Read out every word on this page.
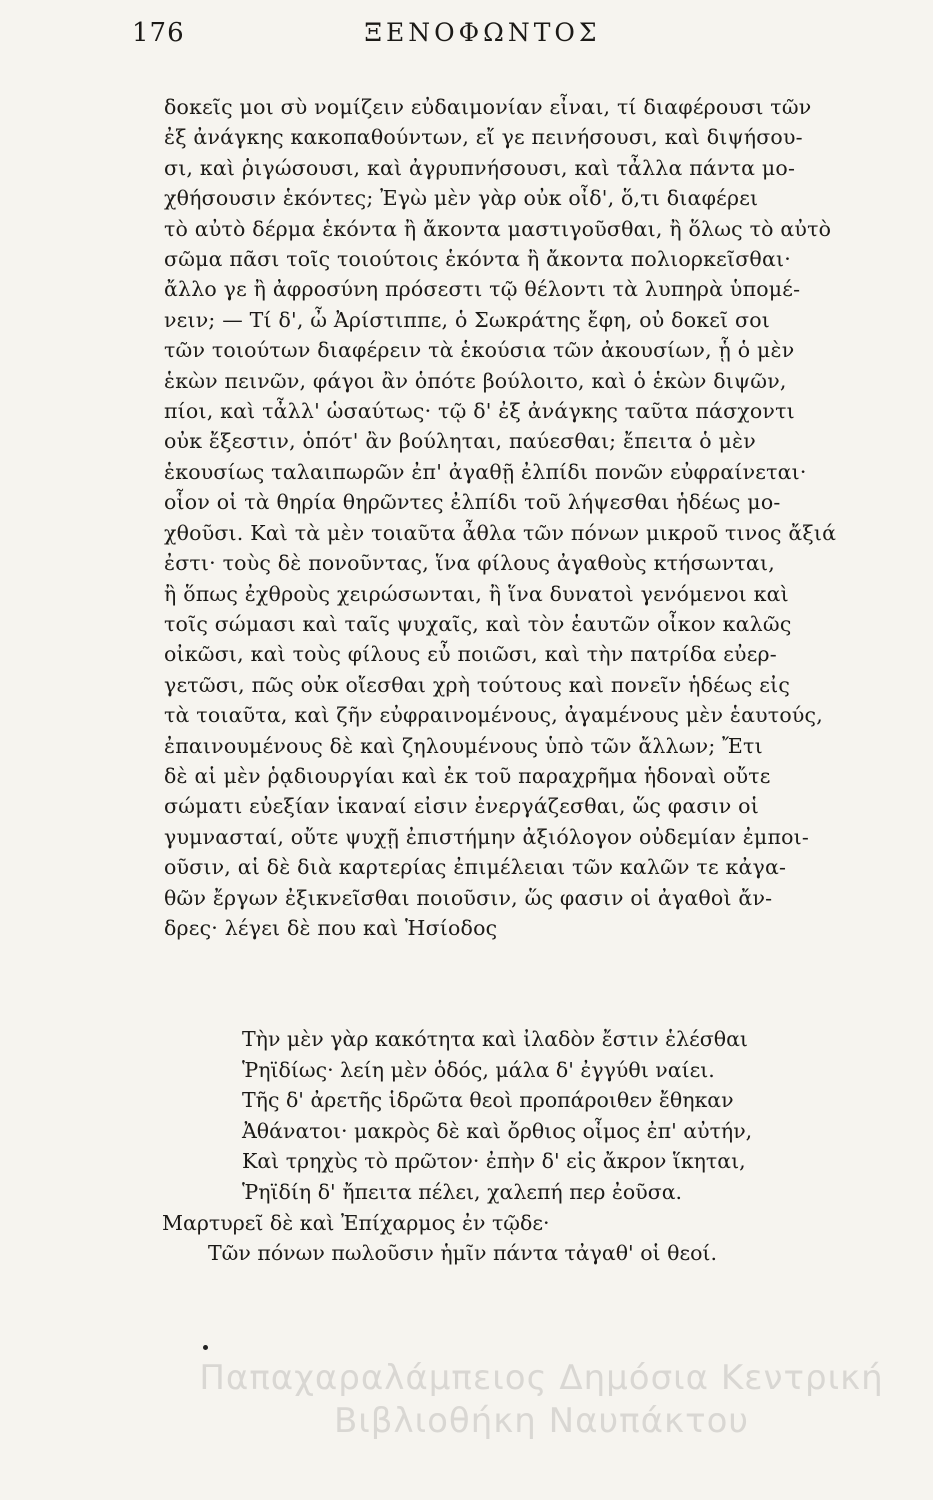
176	ΞΕΝΟΦΩΝΤΟΣ
δοκεῖς μοι σὺ νομίζειν εὐδαιμονίαν εἶναι, τί διαφέρουσι τῶν
ἐξ ἀνάγκης κακοπαθούντων, εἴ γε πεινήσουσι, καὶ διψήσου-
σι, καὶ ῥιγώσουσι, καὶ ἀγρυπνήσουσι, καὶ τἆλλα πάντα μο-
χθήσουσιν ἑκόντες; Ἐγὼ μὲν γὰρ οὐκ οἶδ', ὅ,τι διαφέρει
τὸ αὐτὸ δέρμα ἑκόντα ἢ ἄκοντα μαστιγοῦσθαι, ἢ ὅλως τὸ αὐτὸ
σῶμα πᾶσι τοῖς τοιούτοις ἑκόντα ἢ ἄκοντα πολιορκεῖσθαι·
ἄλλο γε ἢ ἀφροσύνη πρόσεστι τῷ θέλοντι τὰ λυπηρὰ ὑπομέ-
νειν; — Τί δ', ὦ Ἀρίστιππε, ὁ Σωκράτης ἔφη, οὐ δοκεῖ σοι
τῶν τοιούτων διαφέρειν τὰ ἑκούσια τῶν ἀκουσίων, ᾗ ὁ μὲν
ἑκὼν πεινῶν, φάγοι ἂν ὁπότε βούλοιτο, καὶ ὁ ἑκὼν διψῶν,
πίοι, καὶ τἆλλ' ὡσαύτως· τῷ δ' ἐξ ἀνάγκης ταῦτα πάσχοντι
οὐκ ἔξεστιν, ὁπότ' ἂν βούληται, παύεσθαι; ἔπειτα ὁ μὲν
ἑκουσίως ταλαιπωρῶν ἐπ' ἀγαθῇ ἐλπίδι πονῶν εὐφραίνεται·
οἷον οἱ τὰ θηρία θηρῶντες ἐλπίδι τοῦ λήψεσθαι ἡδέως μο-
χθοῦσι. Καὶ τὰ μὲν τοιαῦτα ἆθλα τῶν πόνων μικροῦ τινος ἄξιά
ἐστι· τοὺς δὲ πονοῦντας, ἵνα φίλους ἀγαθοὺς κτήσωνται,
ἢ ὅπως ἐχθροὺς χειρώσωνται, ἢ ἵνα δυνατοὶ γενόμενοι καὶ
τοῖς σώμασι καὶ ταῖς ψυχαῖς, καὶ τὸν ἑαυτῶν οἶκον καλῶς
οἰκῶσι, καὶ τοὺς φίλους εὖ ποιῶσι, καὶ τὴν πατρίδα εὐερ-
γετῶσι, πῶς οὐκ οἴεσθαι χρὴ τούτους καὶ πονεῖν ἡδέως εἰς
τὰ τοιαῦτα, καὶ ζῆν εὐφραινομένους, ἀγαμένους μὲν ἑαυτούς,
ἐπαινουμένους δὲ καὶ ζηλουμένους ὑπὸ τῶν ἄλλων; Ἔτι
δὲ αἱ μὲν ῥᾳδιουργίαι καὶ ἐκ τοῦ παραχρῆμα ἡδοναὶ οὔτε
σώματι εὐεξίαν ἱκαναί εἰσιν ἐνεργάζεσθαι, ὥς φασιν οἱ
γυμνασταί, οὔτε ψυχῇ ἐπιστήμην ἀξιόλογον οὐδεμίαν ἐμποι-
οῦσιν, αἱ δὲ διὰ καρτερίας ἐπιμέλειαι τῶν καλῶν τε κἀγα-
θῶν ἔργων ἐξικνεῖσθαι ποιοῦσιν, ὥς φασιν οἱ ἀγαθοὶ ἄν-
δρες· λέγει δὲ που καὶ Ἡσίοδος
Τὴν μὲν γὰρ κακότητα καὶ ἰλαδὸν ἔστιν ἑλέσθαι
Ῥηϊδίως· λείη μὲν ὁδός, μάλα δ' ἐγγύθι ναίει.
Τῆς δ' ἀρετῆς ἱδρῶτα θεοὶ προπάροιθεν ἔθηκαν
Ἀθάνατοι· μακρὸς δὲ καὶ ὄρθιος οἶμος ἐπ' αὐτήν,
Καὶ τρηχὺς τὸ πρῶτον· ἐπὴν δ' εἰς ἄκρον ἵκηται,
Ῥηϊδίη δ' ἤπειτα πέλει, χαλεπή περ ἐοῦσα.
Μαρτυρεῖ δὲ καὶ Ἐπίχαρμος ἐν τῷδε·
Τῶν πόνων πωλοῦσιν ἡμῖν πάντα τἀγαθ' οἱ θεοί.
Παπαχαραλάμπειος Δημόσια Κεντρική
Βιβλιοθήκη Ναυπάκτου
